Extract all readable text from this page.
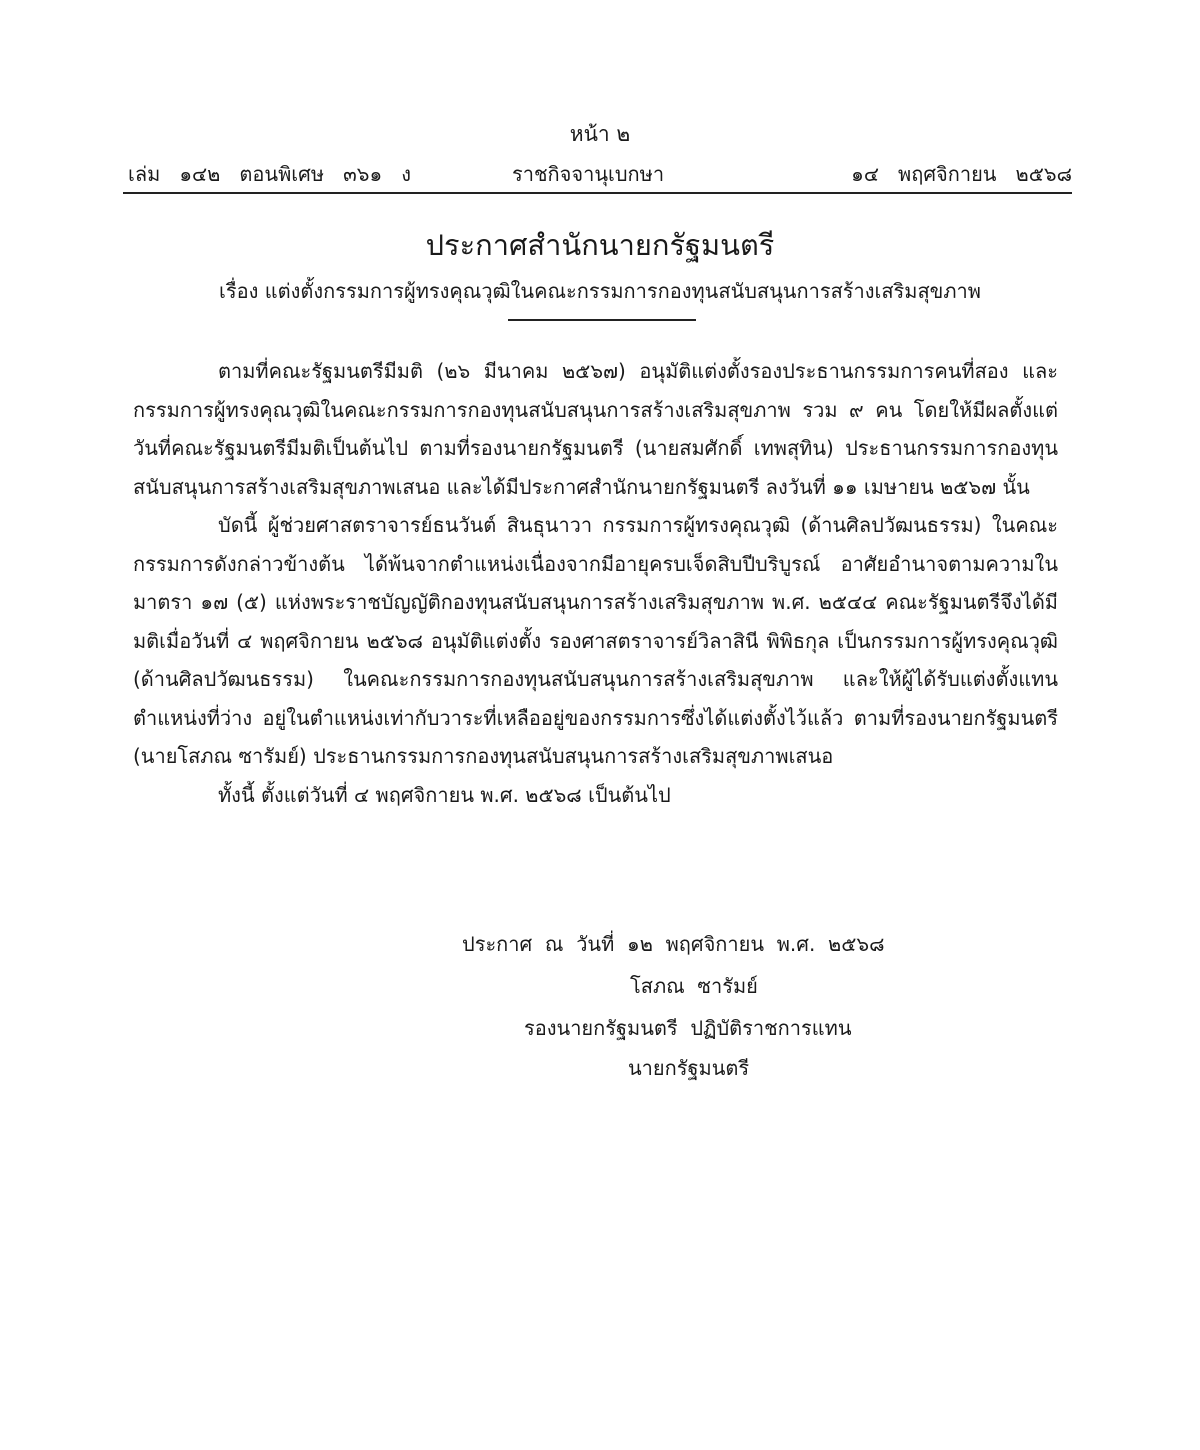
หน้า ๒
เล่ม   ๑๔๒   ตอนพิเศษ   ๓๖๑   ง	ราชกิจจานุเบกษา	๑๔   พฤศจิกายน   ๒๕๖๘
ประกาศสำนักนายกรัฐมนตรี
เรื่อง แต่งตั้งกรรมการผู้ทรงคุณวุฒิในคณะกรรมการกองทุนสนับสนุนการสร้างเสริมสุขภาพ

ตามที่คณะรัฐมนตรีมีมติ (๒๖ มีนาคม ๒๕๖๗) อนุมัติแต่งตั้งรองประธานกรรมการคนที่สอง และกรรมการผู้ทรงคุณวุฒิในคณะกรรมการกองทุนสนับสนุนการสร้างเสริมสุขภาพ รวม ๙ คน โดยให้มีผลตั้งแต่วันที่คณะรัฐมนตรีมีมติเป็นต้นไป ตามที่รองนายกรัฐมนตรี (นายสมศักดิ์ เทพสุทิน) ประธานกรรมการกองทุนสนับสนุนการสร้างเสริมสุขภาพเสนอ และได้มีประกาศสำนักนายกรัฐมนตรี ลงวันที่ ๑๑ เมษายน ๒๕๖๗ นั้น

บัดนี้ ผู้ช่วยศาสตราจารย์ธนวันต์ สินธุนาวา กรรมการผู้ทรงคุณวุฒิ (ด้านศิลปวัฒนธรรม) ในคณะกรรมการดังกล่าวข้างต้น ได้พ้นจากตำแหน่งเนื่องจากมีอายุครบเจ็ดสิบปีบริบูรณ์ อาศัยอำนาจตามความในมาตรา ๑๗ (๕) แห่งพระราชบัญญัติกองทุนสนับสนุนการสร้างเสริมสุขภาพ พ.ศ. ๒๕๔๔ คณะรัฐมนตรีจึงได้มีมติเมื่อวันที่ ๔ พฤศจิกายน ๒๕๖๘ อนุมัติแต่งตั้ง รองศาสตราจารย์วิลาสินี พิพิธกุล เป็นกรรมการผู้ทรงคุณวุฒิ (ด้านศิลปวัฒนธรรม) ในคณะกรรมการกองทุนสนับสนุนการสร้างเสริมสุขภาพ และให้ผู้ได้รับแต่งตั้งแทนตำแหน่งที่ว่าง อยู่ในตำแหน่งเท่ากับวาระที่เหลืออยู่ของกรรมการซึ่งได้แต่งตั้งไว้แล้ว ตามที่รองนายกรัฐมนตรี (นายโสภณ ซารัมย์) ประธานกรรมการกองทุนสนับสนุนการสร้างเสริมสุขภาพเสนอ

ทั้งนี้ ตั้งแต่วันที่ ๔ พฤศจิกายน พ.ศ. ๒๕๖๘ เป็นต้นไป

ประกาศ  ณ  วันที่  ๑๒  พฤศจิกายน  พ.ศ.  ๒๕๖๘
โสภณ  ซารัมย์
รองนายกรัฐมนตรี  ปฏิบัติราชการแทน
นายกรัฐมนตรี
